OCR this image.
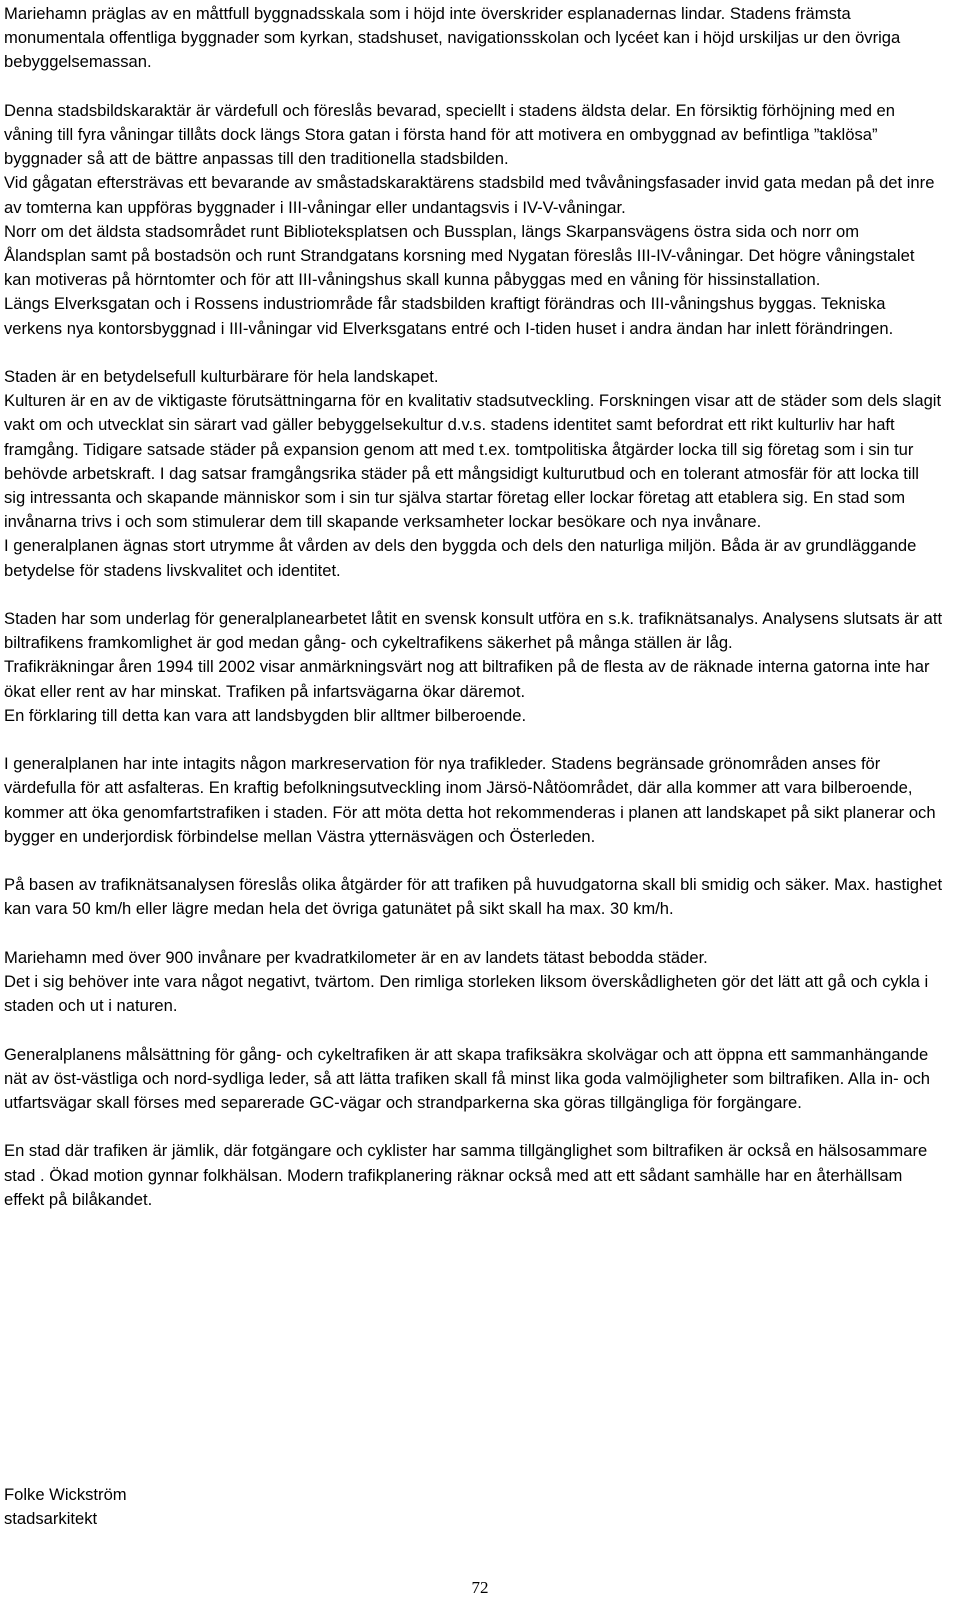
Mariehamn präglas av en måttfull byggnadsskala som i höjd inte överskrider esplanadernas lindar. Stadens främsta monumentala offentliga byggnader som kyrkan, stadshuset, navigationsskolan och lycéet kan i höjd urskiljas ur den övriga bebyggelsemassan.

Denna stadsbildskaraktär är värdefull och föreslås bevarad, speciellt i stadens äldsta delar. En försiktig förhöjning med en våning till fyra våningar tillåts dock längs Stora gatan i första hand för att motivera en ombyggnad av befintliga ”taklösa” byggnader så att de bättre anpassas till den traditionella stadsbilden.

Vid gågatan eftersträvas ett bevarande av småstadskaraktärens stadsbild med tvåvåningsfasader invid gata medan på det inre av tomterna kan uppföras byggnader i III-våningar eller undantagsvis i IV-V-våningar.

Norr om det äldsta stadsområdet runt Biblioteksplatsen och Bussplan, längs Skarpansvägens östra sida och norr om Ålandsplan samt på bostadsön och runt Strandgatans korsning med Nygatan föreslås III-IV-våningar. Det högre våningstalet kan motiveras på hörntomter och för att III-våningshus skall kunna påbyggas med en våning för hissinstallation.

Längs Elverksgatan och i Rossens industriområde får stadsbilden kraftigt förändras och III-våningshus byggas. Tekniska verkens nya kontorsbyggnad i III-våningar vid Elverksgatans entré och I-tiden huset i andra ändan har inlett förändringen.

Staden är en betydelsefull kulturbärare för hela landskapet.

Kulturen är en av de viktigaste förutsättningarna för en kvalitativ stadsutveckling. Forskningen visar att de städer som dels slagit vakt om och utvecklat sin särart vad gäller bebyggelsekultur d.v.s. stadens identitet samt befordrat ett rikt kulturliv har haft framgång. Tidigare satsade städer på expansion genom att med t.ex. tomtpolitiska åtgärder locka till sig företag som i sin tur behövde arbetskraft. I dag satsar framgångsrika städer på ett mångsidigt kulturutbud och en tolerant atmosfär för att locka till sig intressanta och skapande människor som i sin tur själva startar företag eller lockar företag att etablera sig. En stad som invånarna trivs i och som stimulerar dem till skapande verksamheter lockar besökare och nya invånare.

I generalplanen ägnas stort utrymme åt vården av dels den byggda och dels den naturliga miljön. Båda är av grundläggande betydelse för stadens livskvalitet och identitet.

Staden har som underlag för generalplanearbetet låtit en svensk konsult utföra en s.k. trafiknätsanalys. Analysens slutsats är att biltrafikens framkomlighet är god medan gång- och cykeltrafikens säkerhet på många ställen är låg.

Trafikräkningar åren 1994 till 2002 visar anmärkningsvärt nog att biltrafiken på de flesta av de räknade interna gatorna inte har ökat eller rent av har minskat. Trafiken på infartsvägarna ökar däremot.

En förklaring till detta kan vara att landsbygden blir alltmer bilberoende.

I generalplanen har inte intagits någon markreservation för nya trafikleder. Stadens begränsade grönområden anses för värdefulla för att asfalteras. En kraftig befolkningsutveckling inom Järsö-Nåtöområdet, där alla kommer att vara bilberoende, kommer att öka genomfartstrafiken i staden. För att möta detta hot rekommenderas i planen att landskapet på sikt planerar och bygger en underjordisk förbindelse mellan Västra ytternäsvägen och Österleden.

På basen av trafiknätsanalysen föreslås olika åtgärder för att trafiken på huvudgatorna skall bli smidig och säker. Max. hastighet kan vara 50 km/h eller lägre medan hela det övriga gatunätet på sikt skall ha max. 30 km/h.

Mariehamn med över 900 invånare per kvadratkilometer är en av landets tätast bebodda städer.

Det i sig behöver inte vara något negativt, tvärtom. Den rimliga storleken liksom överskådligheten gör det lätt att gå och cykla i staden och ut i naturen.

Generalplanens målsättning för gång- och cykeltrafiken är att skapa trafiksäkra skolvägar och att öppna ett sammanhängande nät av öst-västliga och nord-sydliga leder, så att lätta trafiken skall få minst lika goda valmöjligheter som biltrafiken. Alla in- och utfartsvägar skall förses med separerade GC-vägar och strandparkerna ska göras tillgängliga för forgängare.

En stad där trafiken är jämlik, där fotgängare och cyklister har samma tillgänglighet som biltrafiken är också en hälsosammare stad . Ökad motion gynnar folkhälsan. Modern trafikplanering räknar också med att ett sådant samhälle har en återhällsam effekt på bilåkandet.

Folke Wickström
stadsarkitekt
72
